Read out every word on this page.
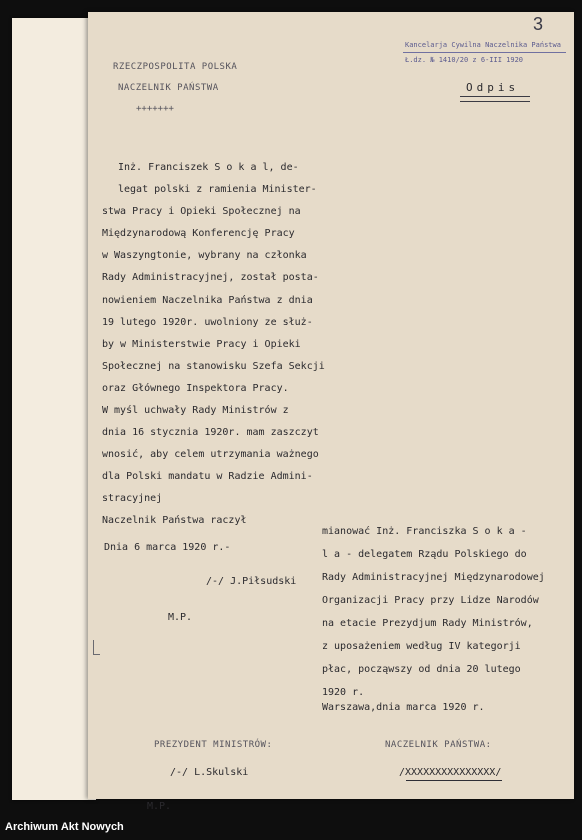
3
RZECZPOSPOLITA POLSKA
NACZELNIK PAŃSTWA
+++++++
Kancelarja Cywilna Naczelnika Państwa
Ł.dz. № 1410/20 z 6-III 1920
Odpis
Inż. Franciszek S o k a l, de-
legat polski z ramienia Minister-
stwa Pracy i Opieki Społecznej na
Międzynarodową Konferencję Pracy
w Waszyngtonie, wybrany na członka
Rady Administracyjnej, został posta-
nowieniem Naczelnika Państwa z dnia
19 lutego 1920r. uwolniony ze służ-
by w Ministerstwie Pracy i Opieki
Społecznej na stanowisku Szefa Sekcji
oraz Głównego Inspektora Pracy.
W myśl uchwały Rady Ministrów z
dnia 16 stycznia 1920r. mam zaszczyt
wnosić, aby celem utrzymania ważnego
dla Polski mandatu w Radzie Admini-
stracyjnej
Naczelnik Państwa raczył
Dnia 6 marca 1920 r.-
/-/ J.Piłsudski
M.P.
mianować Inż. Franciszka S o k a -
l a - delegatem Rządu Polskiego do
Rady Administracyjnej Międzynarodowej
Organizacji Pracy przy Lidze Narodów
na etacie Prezydjum Rady Ministrów,
z uposażeniem według IV kategorji
płac, począwszy od dnia 20 lutego
1920 r.
Warszawa,dnia marca 1920 r.
PREZYDENT MINISTRÓW:
/-/ L.Skulski
NACZELNIK PAŃSTWA:
/XXXXXXXXXXXXXXX/
M.P.
Archiwum Akt Nowych
